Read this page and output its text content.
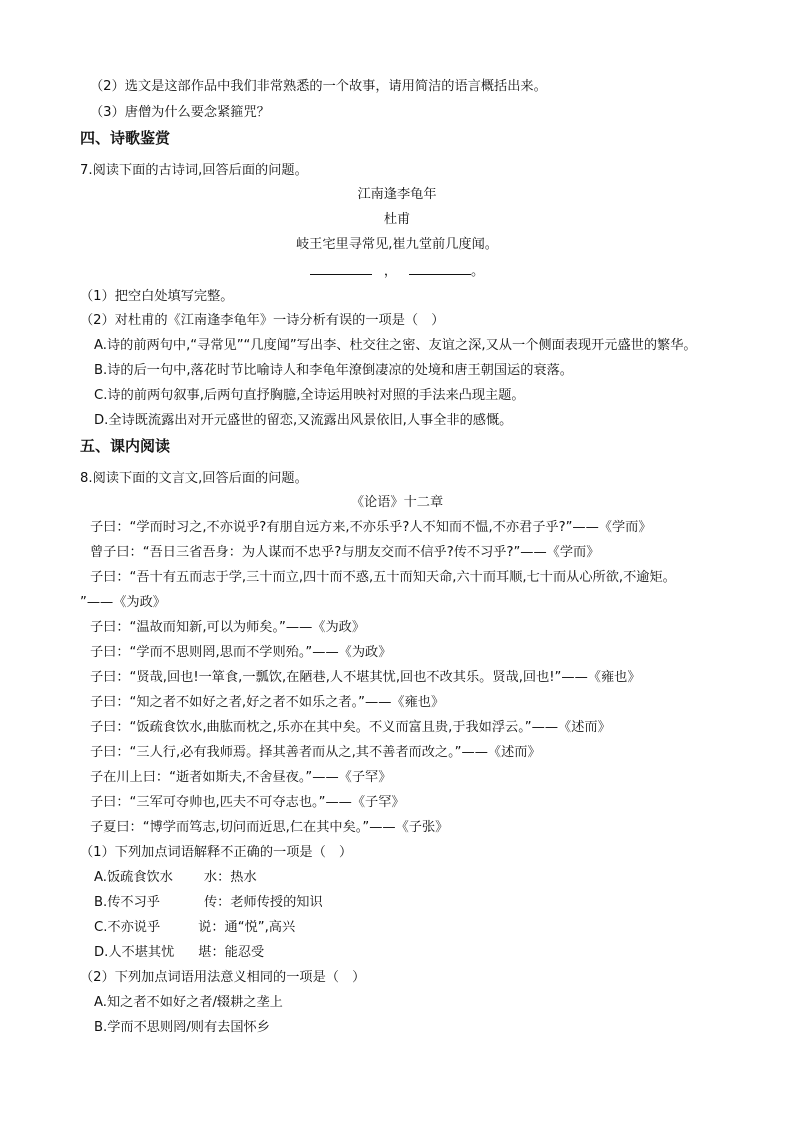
（2）选文是这部作品中我们非常熟悉的一个故事，请用简洁的语言概括出来。
（3）唐僧为什么要念紧箍咒？
四、诗歌鉴赏
7.阅读下面的古诗词,回答后面的问题。
江南逢李龟年
杜甫
岐王宅里寻常见,崔九堂前几度闻。
，	。
（1）把空白处填写完整。
（2）对杜甫的《江南逢李龟年》一诗分析有误的一项是（　）
A.诗的前两句中,“寻常见”“几度闻”写出李、杜交往之密、友谊之深,又从一个侧面表现开元盛世的繁华。
B.诗的后一句中,落花时节比喻诗人和李龟年潦倒凄凉的处境和唐王朝国运的衰落。
C.诗的前两句叙事,后两句直抒胸臆,全诗运用映衬对照的手法来凸现主题。
D.全诗既流露出对开元盛世的留恋,又流露出风景依旧,人事全非的感慨。
五、课内阅读
8.阅读下面的文言文,回答后面的问题。
《论语》十二章
子曰：“学而时习之,不亦说乎?有朋自远方来,不亦乐乎?人不知而不愠,不亦君子乎?”——《学而》
曾子曰：“吾日三省吾身：为人谋而不忠乎?与朋友交而不信乎?传不习乎?”——《学而》
子曰：“吾十有五而志于学,三十而立,四十而不惑,五十而知天命,六十而耳顺,七十而从心所欲,不逾矩。
”——《为政》
子曰：“温故而知新,可以为师矣。”——《为政》
子曰：“学而不思则罔,思而不学则殆。”——《为政》
子曰：“贤哉,回也!一箪食,一瓢饮,在陋巷,人不堪其忧,回也不改其乐。贤哉,回也!”——《雍也》
子曰：“知之者不如好之者,好之者不如乐之者。”——《雍也》
子曰：“饭疏食饮水,曲肱而枕之,乐亦在其中矣。不义而富且贵,于我如浮云。”——《述而》
子曰：“三人行,必有我师焉。择其善者而从之,其不善者而改之。”——《述而》
子在川上曰：“逝者如斯夫,不舍昼夜。”——《子罕》
子曰：“三军可夺帅也,匹夫不可夺志也。”——《子罕》
子夏曰：“博学而笃志,切问而近思,仁在其中矣。”——《子张》
（1）下列加点词语解释不正确的一项是（　）
A.饭疏食饮水 水：热水
B.传不习乎	传：老师传授的知识
C.不亦说乎	说：通“悦”,高兴
D.人不堪其忧 堪：能忍受
（2）下列加点词语用法意义相同的一项是（　）
A.知之者不如好之者/辍耕之垄上
B.学而不思则罔/则有去国怀乡
